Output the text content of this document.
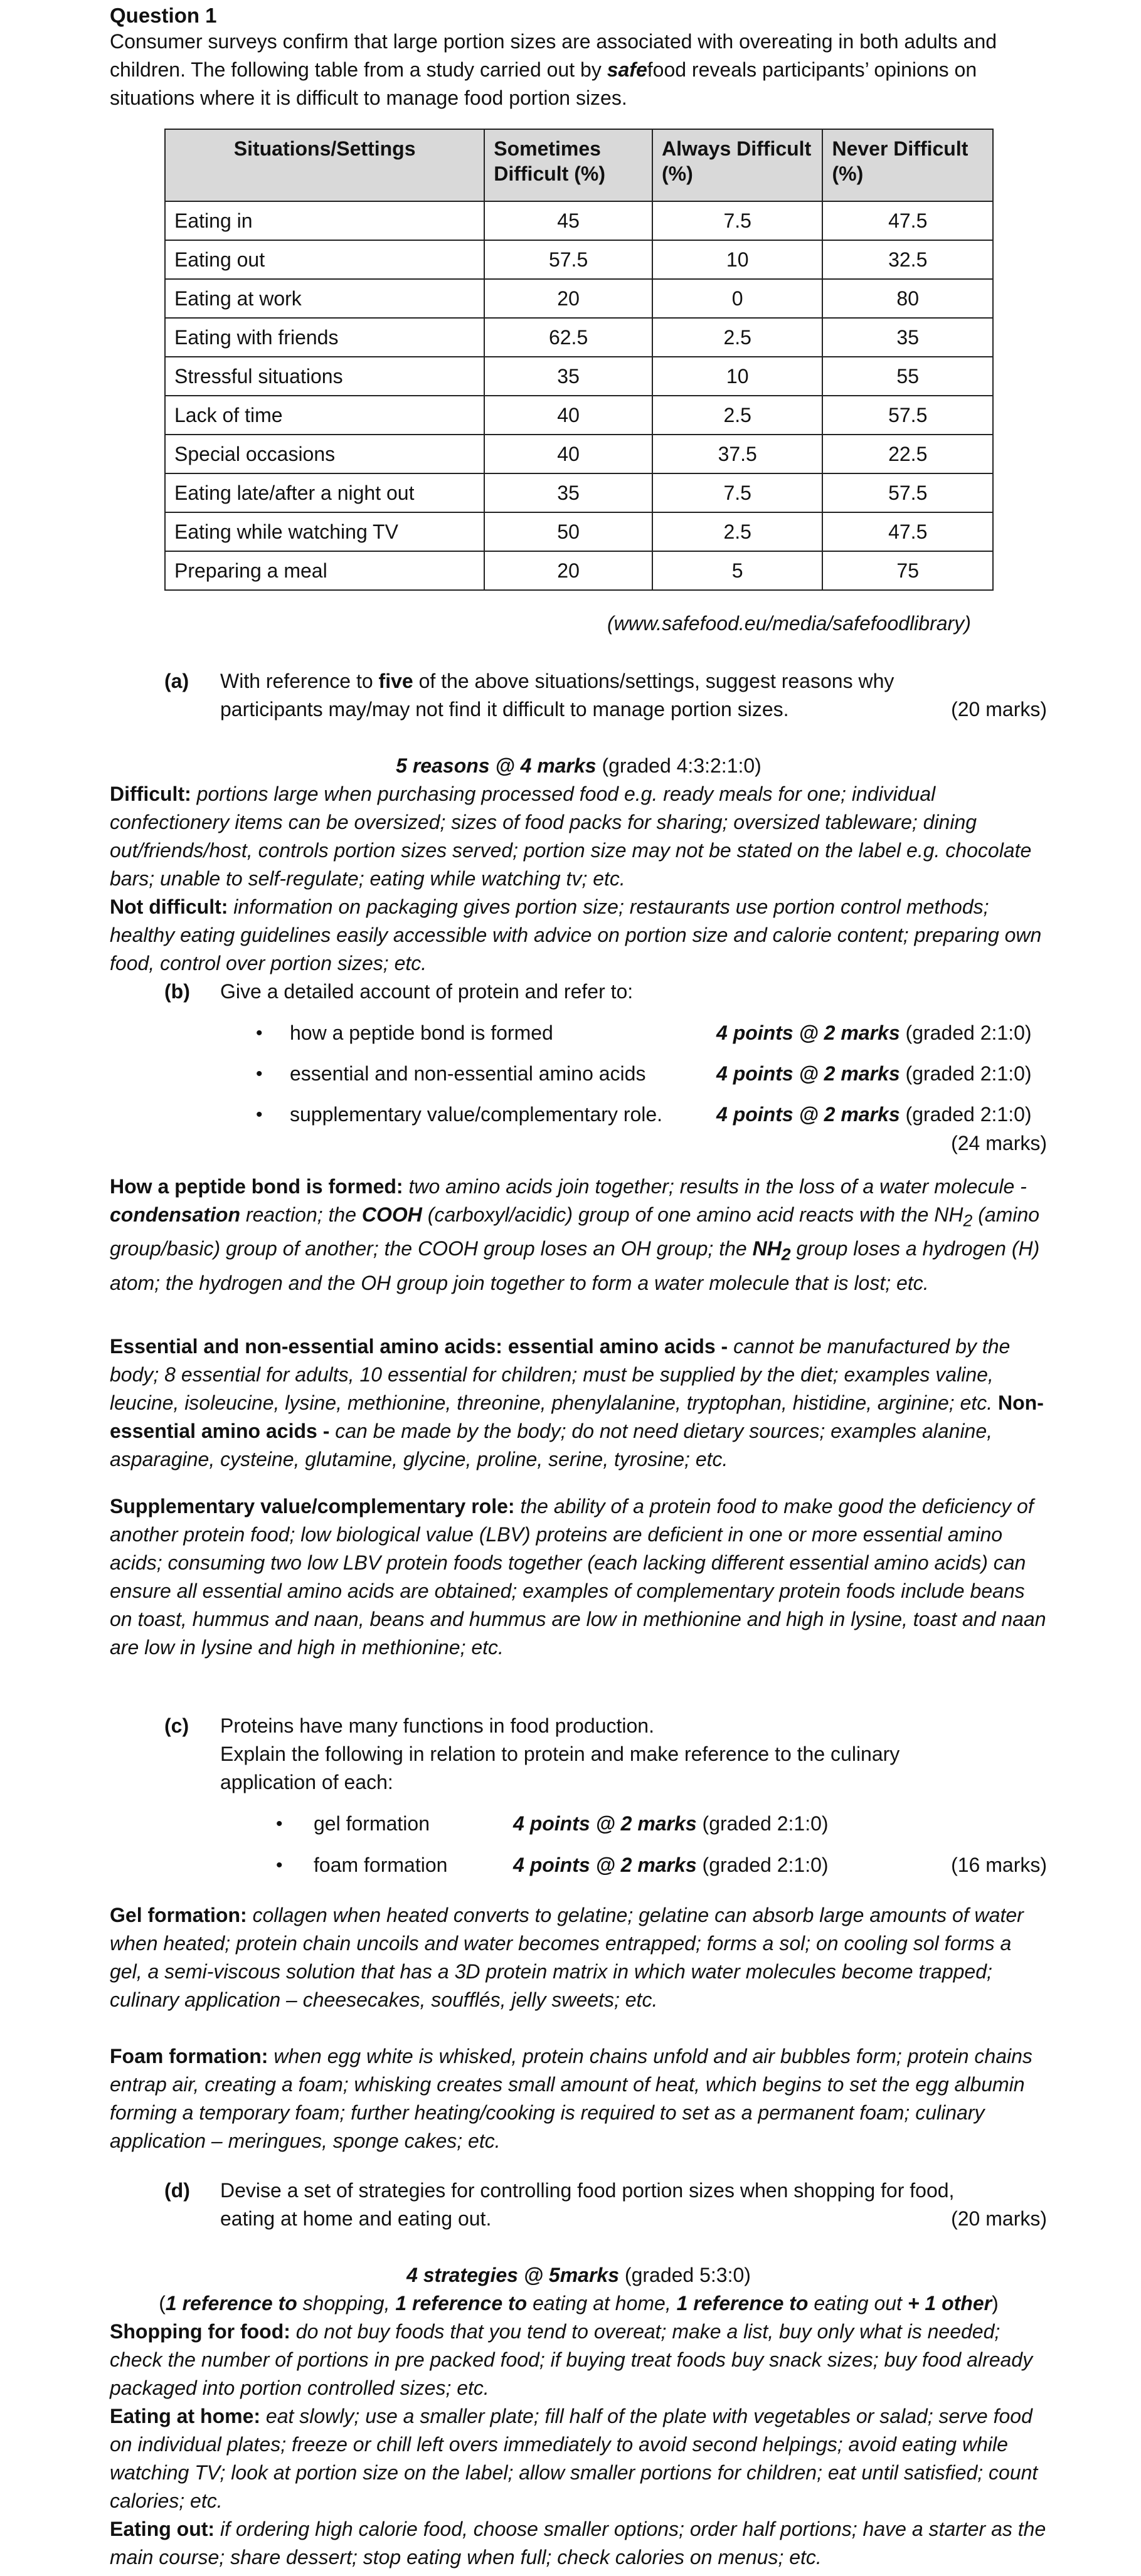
Question 1

Consumer surveys confirm that large portion sizes are associated with overeating in both adults and children. The following table from a study carried out by safefood reveals participants’ opinions on situations where it is difficult to manage food portion sizes.

Situations/Settings	Sometimes Difficult (%)	Always Difficult (%)	Never Difficult (%)
Eating in	45	7.5	47.5
Eating out	57.5	10	32.5
Eating at work	20	0	80
Eating with friends	62.5	2.5	35
Stressful situations	35	10	55
Lack of time	40	2.5	57.5
Special occasions	40	37.5	22.5
Eating late/after a night out	35	7.5	57.5
Eating while watching TV	50	2.5	47.5
Preparing a meal	20	5	75
(www.safefood.eu/media/safefoodlibrary)
(a) With reference to five of the above situations/settings, suggest reasons why participants may/may not find it difficult to manage portion sizes.	(20 marks)
5 reasons @ 4 marks (graded 4:3:2:1:0)

Difficult: portions large when purchasing processed food e.g. ready meals for one; individual confectionery items can be oversized; sizes of food packs for sharing; oversized tableware; dining out/friends/host, controls portion sizes served; portion size may not be stated on the label e.g. chocolate bars; unable to self-regulate; eating while watching tv; etc.

Not difficult: information on packaging gives portion size; restaurants use portion control methods; healthy eating guidelines easily accessible with advice on portion size and calorie content; preparing own food, control over portion sizes; etc.

(b) Give a detailed account of protein and refer to:
• how a peptide bond is formed	4 points @ 2 marks (graded 2:1:0)
• essential and non-essential amino acids	4 points @ 2 marks (graded 2:1:0)
• supplementary value/complementary role.	4 points @ 2 marks (graded 2:1:0)
(24 marks)

How a peptide bond is formed: two amino acids join together; results in the loss of a water molecule - condensation reaction; the COOH (carboxyl/acidic) group of one amino acid reacts with the $NH_2$ (amino group/basic) group of another; the COOH group loses an OH group; the $NH_2$ group loses a hydrogen (H) atom; the hydrogen and the OH group join together to form a water molecule that is lost; etc.

Essential and non-essential amino acids: essential amino acids - cannot be manufactured by the body; 8 essential for adults, 10 essential for children; must be supplied by the diet; examples valine, leucine, isoleucine, lysine, methionine, threonine, phenylalanine, tryptophan, histidine, arginine; etc. Non-essential amino acids - can be made by the body; do not need dietary sources; examples alanine, asparagine, cysteine, glutamine, glycine, proline, serine, tyrosine; etc.

Supplementary value/complementary role: the ability of a protein food to make good the deficiency of another protein food; low biological value (LBV) proteins are deficient in one or more essential amino acids; consuming two low LBV protein foods together (each lacking different essential amino acids) can ensure all essential amino acids are obtained; examples of complementary protein foods include beans on toast, hummus and naan, beans and hummus are low in methionine and high in lysine, toast and naan are low in lysine and high in methionine; etc.

(c) Proteins have many functions in food production.

Explain the following in relation to protein and make reference to the culinary application of each:

• gel formation	4 points @ 2 marks (graded 2:1:0)
• foam formation	4 points @ 2 marks (graded 2:1:0)	(16 marks)

Gel formation: collagen when heated converts to gelatine; gelatine can absorb large amounts of water when heated; protein chain uncoils and water becomes entrapped; forms a sol; on cooling sol forms a gel, a semi-viscous solution that has a 3D protein matrix in which water molecules become trapped; culinary application – cheesecakes, soufflés, jelly sweets; etc.

Foam formation: when egg white is whisked, protein chains unfold and air bubbles form; protein chains entrap air, creating a foam; whisking creates small amount of heat, which begins to set the egg albumin forming a temporary foam; further heating/cooking is required to set as a permanent foam; culinary application – meringues, sponge cakes; etc.

(d) Devise a set of strategies for controlling food portion sizes when shopping for food, eating at home and eating out.	(20 marks)
4 strategies @ 5marks (graded 5:3:0)
(1 reference to shopping, 1 reference to eating at home, 1 reference to eating out + 1 other)

Shopping for food: do not buy foods that you tend to overeat; make a list, buy only what is needed; check the number of portions in pre packed food; if buying treat foods buy snack sizes; buy food already packaged into portion controlled sizes; etc.

Eating at home: eat slowly; use a smaller plate; fill half of the plate with vegetables or salad; serve food on individual plates; freeze or chill left overs immediately to avoid second helpings; avoid eating while watching TV; look at portion size on the label; allow smaller portions for children; eat until satisfied; count calories; etc.

Eating out: if ordering high calorie food, choose smaller options; order half portions; have a starter as the main course; share dessert; stop eating when full; check calories on menus; etc.
